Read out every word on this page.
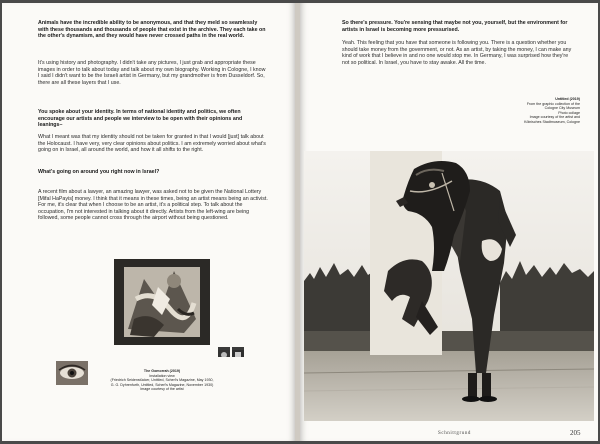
Animals have the incredible ability to be anonymous, and that they meld so seamlessly with these thousands and thousands of people that exist in the archive. They each take on the other's dynamism, and they would have never crossed paths in the real world.

It's using history and photography. I didn't take any pictures, I just grab and appropriate these images in order to talk about today and talk about my own biography. Working in Cologne, I know I said I didn't want to be the Israeli artist in Germany, but my grandmother is from Dusseldorf. So, there are all these layers that I use.

You spoke about your identity. In terms of national identity and politics, we often encourage our artists and people we interview to be open with their opinions and leanings–

What I meant was that my identity should not be taken for granted in that I would [just] talk about the Holocaust. I have very, very clear opinions about politics. I am extremely worried about what's going on in Israel, all around the world, and how it all shifts to the right.

What's going on around you right now in Israel?

A recent film about a lawyer, an amazing lawyer, was asked not to be given the National Lottery [Mifal HaPayis] money. I think that it means in these times, being an artist means being an activist. For me, it's clear that when I choose to be an artist, it's a political step. To talk about the occupation, I'm not interested in talking about it directly. Artists from the left-wing are being followed, some people cannot cross through the airport without being questioned.

The Gomorrah (2019)
Installation view
(Friedrich Seidenstücker, Untitled, Scherl's Magazine, May 1930,
G. G. Dyhrenfurth, Untitled, Scherl's Magazine, November 1930)
Image courtesy of the artist

So there's pressure. You're sensing that maybe not you, yourself, but the environment for artists in Israel is becoming more pressurised.

Yeah. This feeling that you have that someone is following you. There is a question whether you should take money from the government, or not. As an artist, by taking the money, I can make any kind of work that I believe in and no one would stop me. In Germany, I was surprised how they're not so political. In Israel, you have to stay awake. All the time.

Untitled (2019)
From the graphic collection of the
Cologne City Museum
Photo collage
Image courtesy of the artist and
Kölnisches Stadtmuseum, Cologne

Schnittgrund	205
